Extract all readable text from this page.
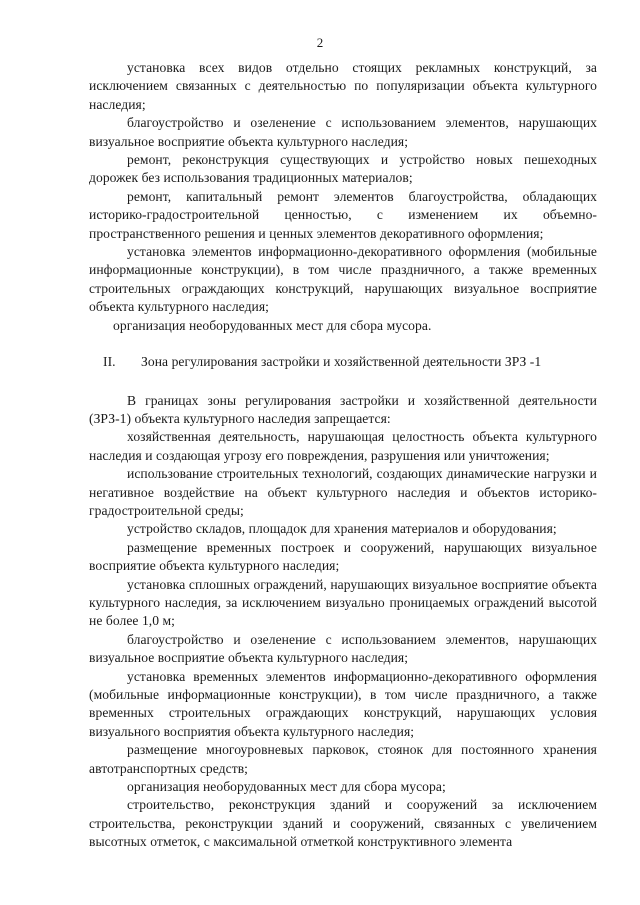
2

установка всех видов отдельно стоящих рекламных конструкций, за исключением связанных с деятельностью по популяризации объекта культурного наследия;

благоустройство и озеленение с использованием элементов, нарушающих визуальное восприятие объекта культурного наследия;

ремонт, реконструкция существующих и устройство новых пешеходных дорожек без использования традиционных материалов;

ремонт, капитальный ремонт элементов благоустройства, обладающих историко-градостроительной ценностью, с изменением их объемно-пространственного решения и ценных элементов декоративного оформления;

установка элементов информационно-декоративного оформления (мобильные информационные конструкции), в том числе праздничного, а также временных строительных ограждающих конструкций, нарушающих визуальное восприятие объекта культурного наследия;

организация необорудованных мест для сбора мусора.

II. Зона регулирования застройки и хозяйственной деятельности ЗРЗ -1

В границах зоны регулирования застройки и хозяйственной деятельности (ЗРЗ-1) объекта культурного наследия запрещается:

хозяйственная деятельность, нарушающая целостность объекта культурного наследия и создающая угрозу его повреждения, разрушения или уничтожения;

использование строительных технологий, создающих динамические нагрузки и негативное воздействие на объект культурного наследия и объектов историко-градостроительной среды;

устройство складов, площадок для хранения материалов и оборудования;

размещение временных построек и сооружений, нарушающих визуальное восприятие объекта культурного наследия;

установка сплошных ограждений, нарушающих визуальное восприятие объекта культурного наследия, за исключением визуально проницаемых ограждений высотой не более 1,0 м;

благоустройство и озеленение с использованием элементов, нарушающих визуальное восприятие объекта культурного наследия;

установка временных элементов информационно-декоративного оформления (мобильные информационные конструкции), в том числе праздничного, а также временных строительных ограждающих конструкций, нарушающих условия визуального восприятия объекта культурного наследия;

размещение многоуровневых парковок, стоянок для постоянного хранения автотранспортных средств;

организация необорудованных мест для сбора мусора;

строительство, реконструкция зданий и сооружений за исключением строительства, реконструкции зданий и сооружений, связанных с увеличением высотных отметок, с максимальной отметкой конструктивного элемента
